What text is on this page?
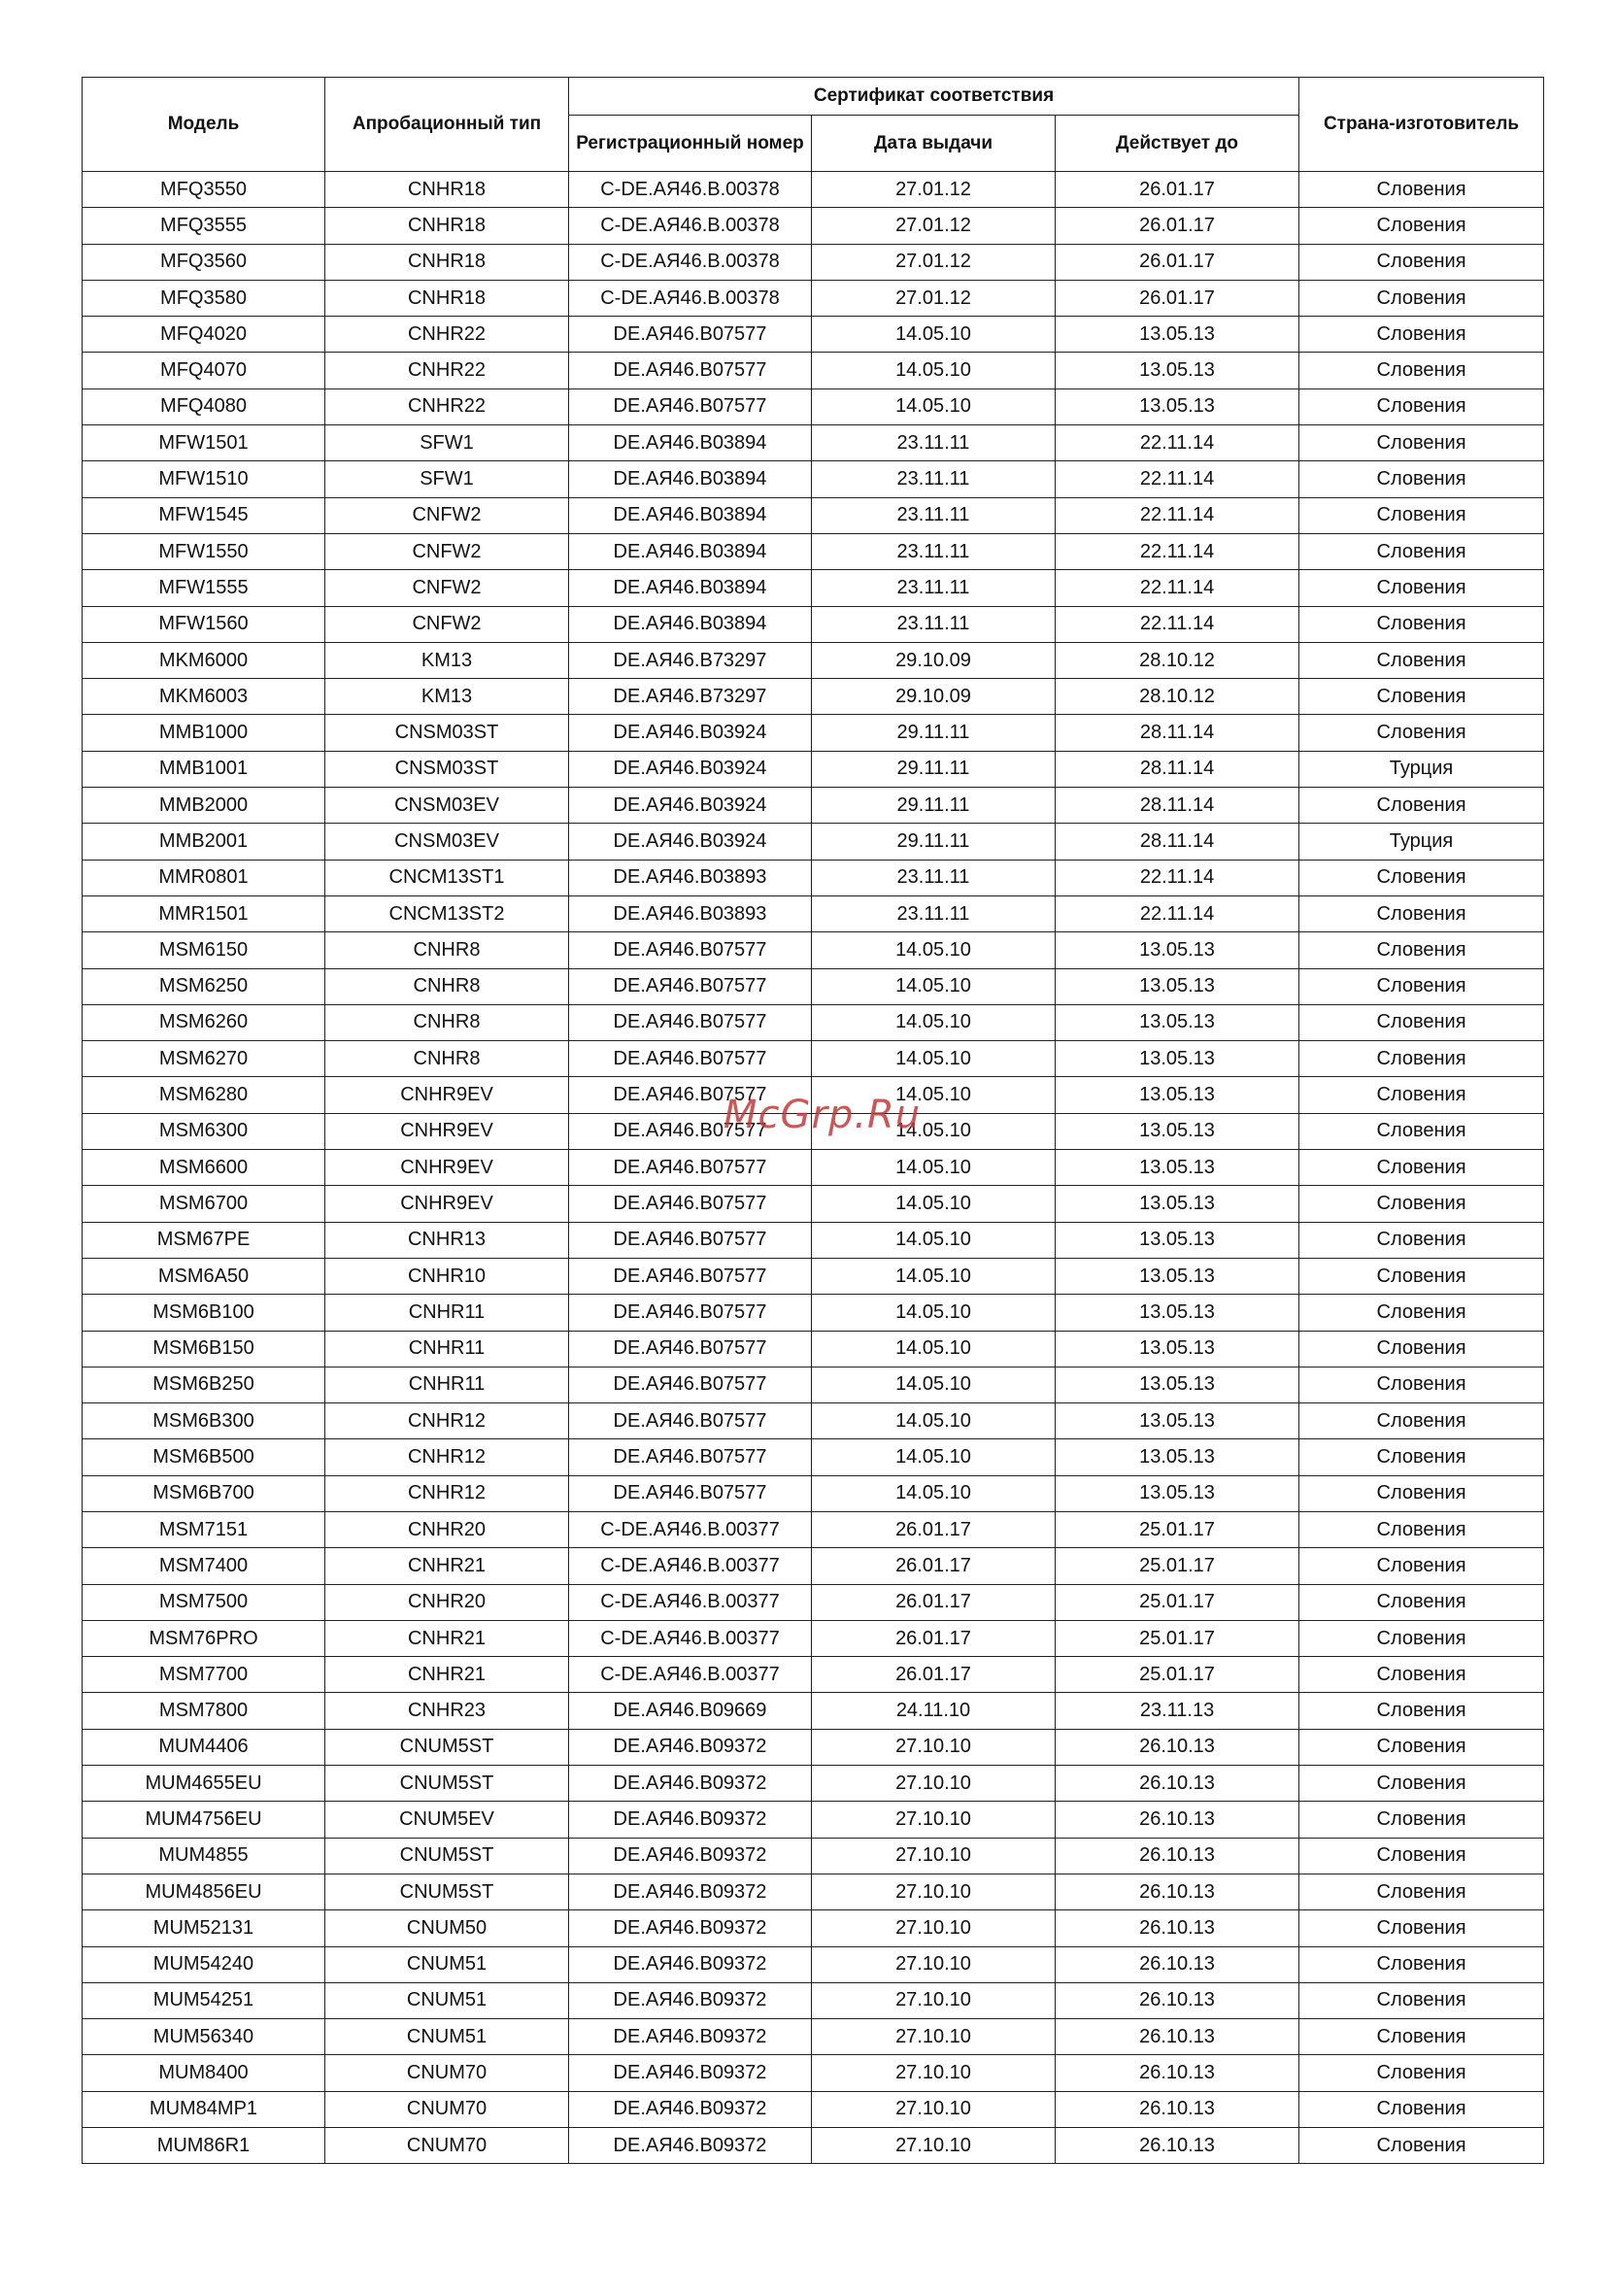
Модель	Апробационный тип	Сертификат соответствия			Страна-изготовитель
		Регистрационный номер	Дата выдачи	Действует до	
MFQ3550	CNHR18	C-DE.АЯ46.B.00378	27.01.12	26.01.17	Словения
MFQ3555	CNHR18	C-DE.АЯ46.B.00378	27.01.12	26.01.17	Словения
MFQ3560	CNHR18	C-DE.АЯ46.B.00378	27.01.12	26.01.17	Словения
MFQ3580	CNHR18	C-DE.АЯ46.B.00378	27.01.12	26.01.17	Словения
MFQ4020	CNHR22	DE.АЯ46.B07577	14.05.10	13.05.13	Словения
MFQ4070	CNHR22	DE.АЯ46.B07577	14.05.10	13.05.13	Словения
MFQ4080	CNHR22	DE.АЯ46.B07577	14.05.10	13.05.13	Словения
MFW1501	SFW1	DE.АЯ46.B03894	23.11.11	22.11.14	Словения
MFW1510	SFW1	DE.АЯ46.B03894	23.11.11	22.11.14	Словения
MFW1545	CNFW2	DE.АЯ46.B03894	23.11.11	22.11.14	Словения
MFW1550	CNFW2	DE.АЯ46.B03894	23.11.11	22.11.14	Словения
MFW1555	CNFW2	DE.АЯ46.B03894	23.11.11	22.11.14	Словения
MFW1560	CNFW2	DE.АЯ46.B03894	23.11.11	22.11.14	Словения
MKM6000	KM13	DE.АЯ46.B73297	29.10.09	28.10.12	Словения
MKM6003	KM13	DE.АЯ46.B73297	29.10.09	28.10.12	Словения
MMB1000	CNSM03ST	DE.АЯ46.B03924	29.11.11	28.11.14	Словения
MMB1001	CNSM03ST	DE.АЯ46.B03924	29.11.11	28.11.14	Турция
MMB2000	CNSM03EV	DE.АЯ46.B03924	29.11.11	28.11.14	Словения
MMB2001	CNSM03EV	DE.АЯ46.B03924	29.11.11	28.11.14	Турция
MMR0801	CNCM13ST1	DE.АЯ46.B03893	23.11.11	22.11.14	Словения
MMR1501	CNCM13ST2	DE.АЯ46.B03893	23.11.11	22.11.14	Словения
MSM6150	CNHR8	DE.АЯ46.B07577	14.05.10	13.05.13	Словения
MSM6250	CNHR8	DE.АЯ46.B07577	14.05.10	13.05.13	Словения
MSM6260	CNHR8	DE.АЯ46.B07577	14.05.10	13.05.13	Словения
MSM6270	CNHR8	DE.АЯ46.B07577	14.05.10	13.05.13	Словения
MSM6280	CNHR9EV	DE.АЯ46.B07577	14.05.10	13.05.13	Словения
MSM6300	CNHR9EV	DE.АЯ46.B07577	14.05.10	13.05.13	Словения
MSM6600	CNHR9EV	DE.АЯ46.B07577	14.05.10	13.05.13	Словения
MSM6700	CNHR9EV	DE.АЯ46.B07577	14.05.10	13.05.13	Словения
MSM67PE	CNHR13	DE.АЯ46.B07577	14.05.10	13.05.13	Словения
MSM6A50	CNHR10	DE.АЯ46.B07577	14.05.10	13.05.13	Словения
MSM6B100	CNHR11	DE.АЯ46.B07577	14.05.10	13.05.13	Словения
MSM6B150	CNHR11	DE.АЯ46.B07577	14.05.10	13.05.13	Словения
MSM6B250	CNHR11	DE.АЯ46.B07577	14.05.10	13.05.13	Словения
MSM6B300	CNHR12	DE.АЯ46.B07577	14.05.10	13.05.13	Словения
MSM6B500	CNHR12	DE.АЯ46.B07577	14.05.10	13.05.13	Словения
MSM6B700	CNHR12	DE.АЯ46.B07577	14.05.10	13.05.13	Словения
MSM7151	CNHR20	C-DE.АЯ46.B.00377	26.01.17	25.01.17	Словения
MSM7400	CNHR21	C-DE.АЯ46.B.00377	26.01.17	25.01.17	Словения
MSM7500	CNHR20	C-DE.АЯ46.B.00377	26.01.17	25.01.17	Словения
MSM76PRO	CNHR21	C-DE.АЯ46.B.00377	26.01.17	25.01.17	Словения
MSM7700	CNHR21	C-DE.АЯ46.B.00377	26.01.17	25.01.17	Словения
MSM7800	CNHR23	DE.АЯ46.B09669	24.11.10	23.11.13	Словения
MUM4406	CNUM5ST	DE.АЯ46.B09372	27.10.10	26.10.13	Словения
MUM4655EU	CNUM5ST	DE.АЯ46.B09372	27.10.10	26.10.13	Словения
MUM4756EU	CNUM5EV	DE.АЯ46.B09372	27.10.10	26.10.13	Словения
MUM4855	CNUM5ST	DE.АЯ46.B09372	27.10.10	26.10.13	Словения
MUM4856EU	CNUM5ST	DE.АЯ46.B09372	27.10.10	26.10.13	Словения
MUM52131	CNUM50	DE.АЯ46.B09372	27.10.10	26.10.13	Словения
MUM54240	CNUM51	DE.АЯ46.B09372	27.10.10	26.10.13	Словения
MUM54251	CNUM51	DE.АЯ46.B09372	27.10.10	26.10.13	Словения
MUM56340	CNUM51	DE.АЯ46.B09372	27.10.10	26.10.13	Словения
MUM8400	CNUM70	DE.АЯ46.B09372	27.10.10	26.10.13	Словения
MUM84MP1	CNUM70	DE.АЯ46.B09372	27.10.10	26.10.13	Словения
MUM86R1	CNUM70	DE.АЯ46.B09372	27.10.10	26.10.13	Словения
McGrp.Ru
